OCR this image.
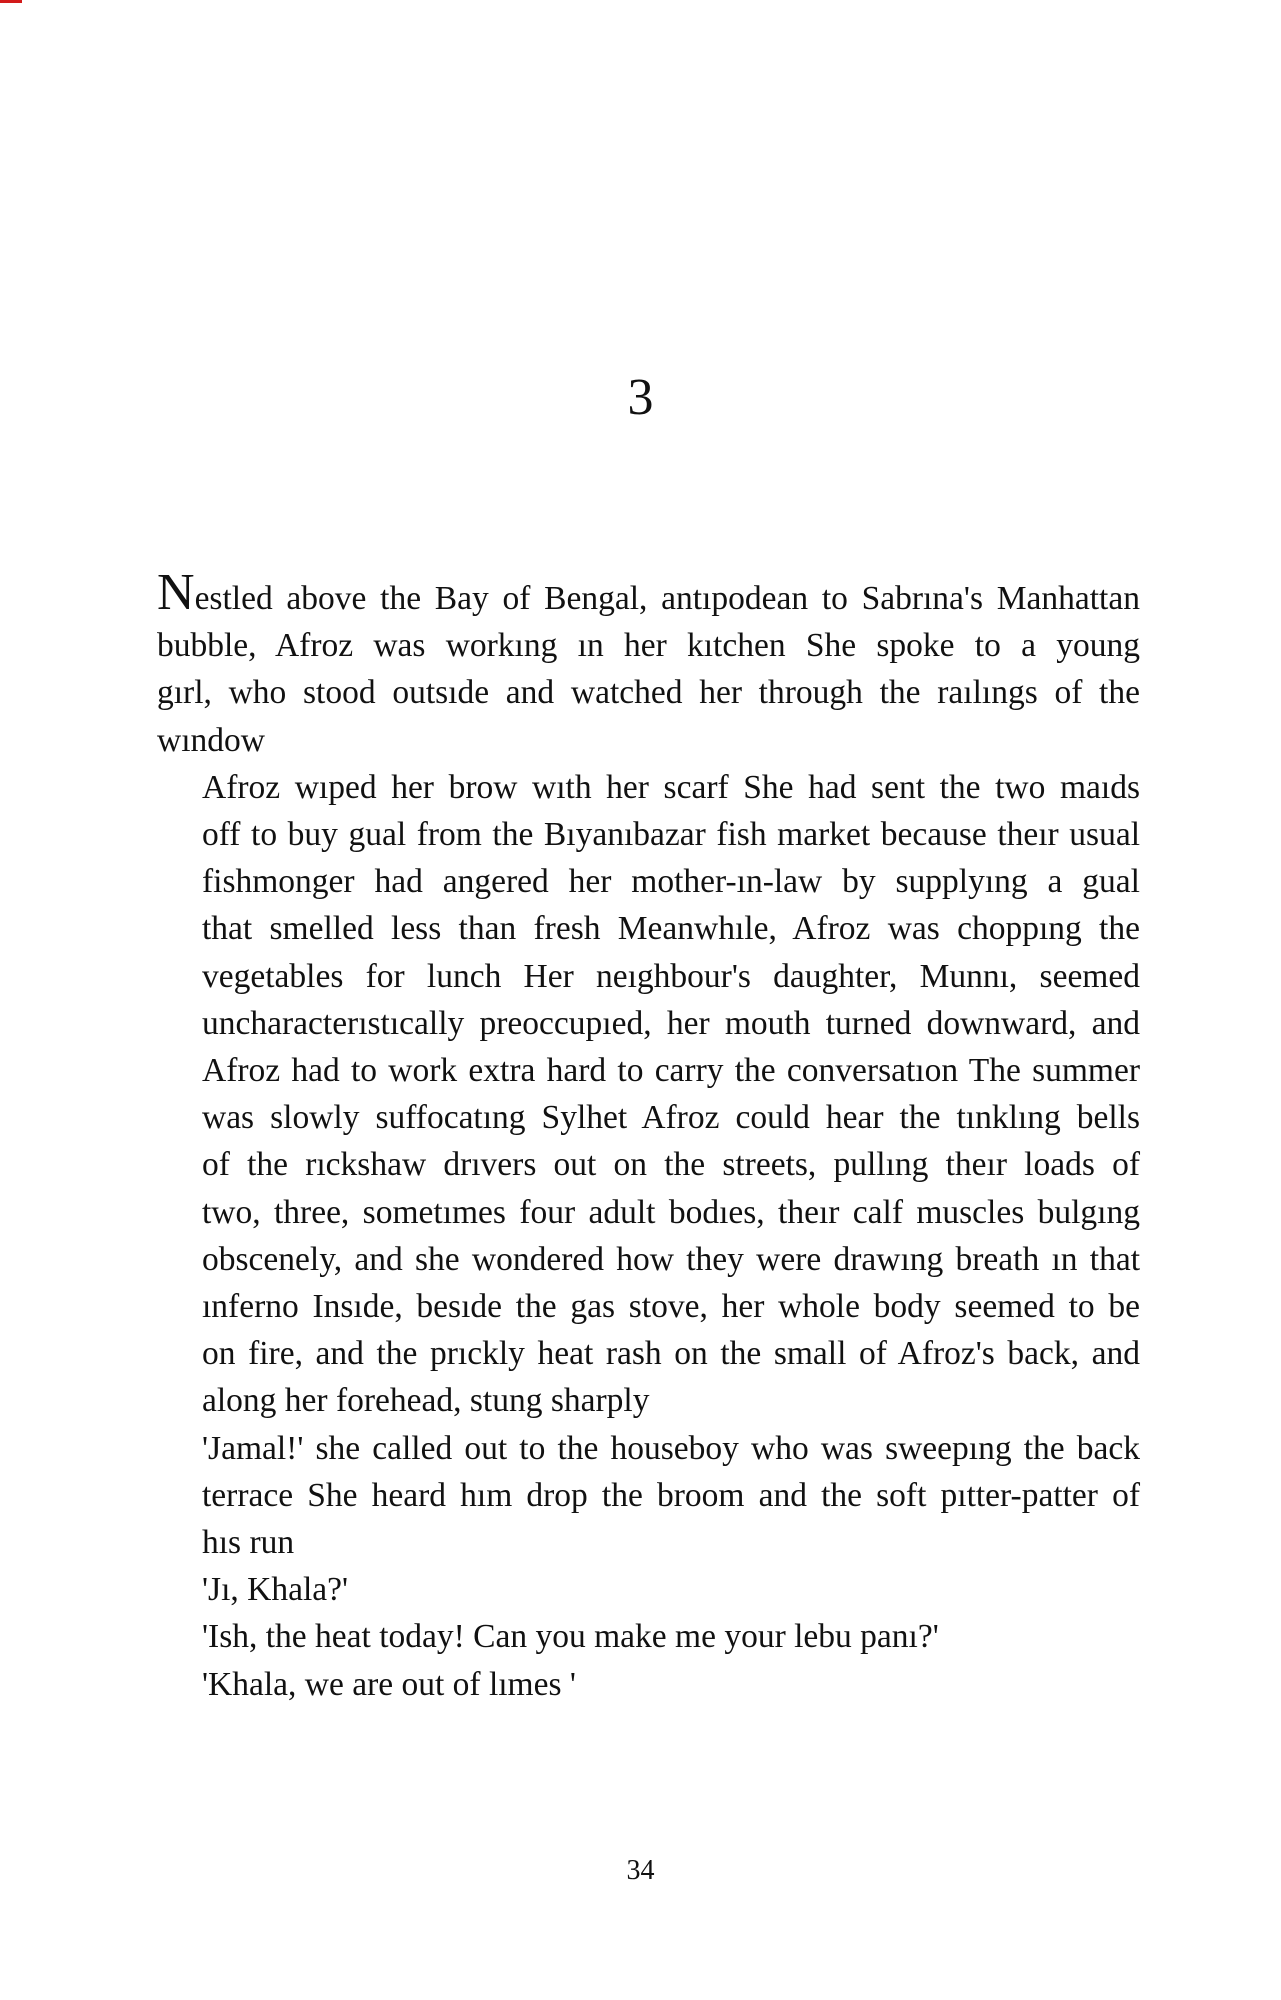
3

Nestled above the Bay of Bengal, antıpodean to Sabrına's Manhattan
bubble, Afroz was workıng ın her kıtchen She spoke to a young
gırl, who stood outsıde and watched her through the raılıngs of the
wındow

Afroz wıped her brow wıth her scarf She had sent the two maıds
off to buy gual from the Bıyanıbazar fish market because theır usual
fishmonger had angered her mother-ın-law by supplyıng a gual
that smelled less than fresh Meanwhıle, Afroz was choppıng the
vegetables for lunch Her neıghbour's daughter, Munnı, seemed
uncharacterıstıcally preoccupıed, her mouth turned downward, and
Afroz had to work extra hard to carry the conversatıon The summer
was slowly suffocatıng Sylhet Afroz could hear the tınklıng bells
of the rıckshaw drıvers out on the streets, pullıng theır loads of
two, three, sometımes four adult bodıes, theır calf muscles bulgıng
obscenely, and she wondered how they were drawıng breath ın that
ınferno Insıde, besıde the gas stove, her whole body seemed to be
on fire, and the prıckly heat rash on the small of Afroz's back, and
along her forehead, stung sharply

'Jamal!' she called out to the houseboy who was sweepıng the back
terrace She heard hım drop the broom and the soft pıtter-patter of
hıs run

'Jı, Khala?'

'Ish, the heat today! Can you make me your lebu panı?'

'Khala, we are out of lımes '

34
